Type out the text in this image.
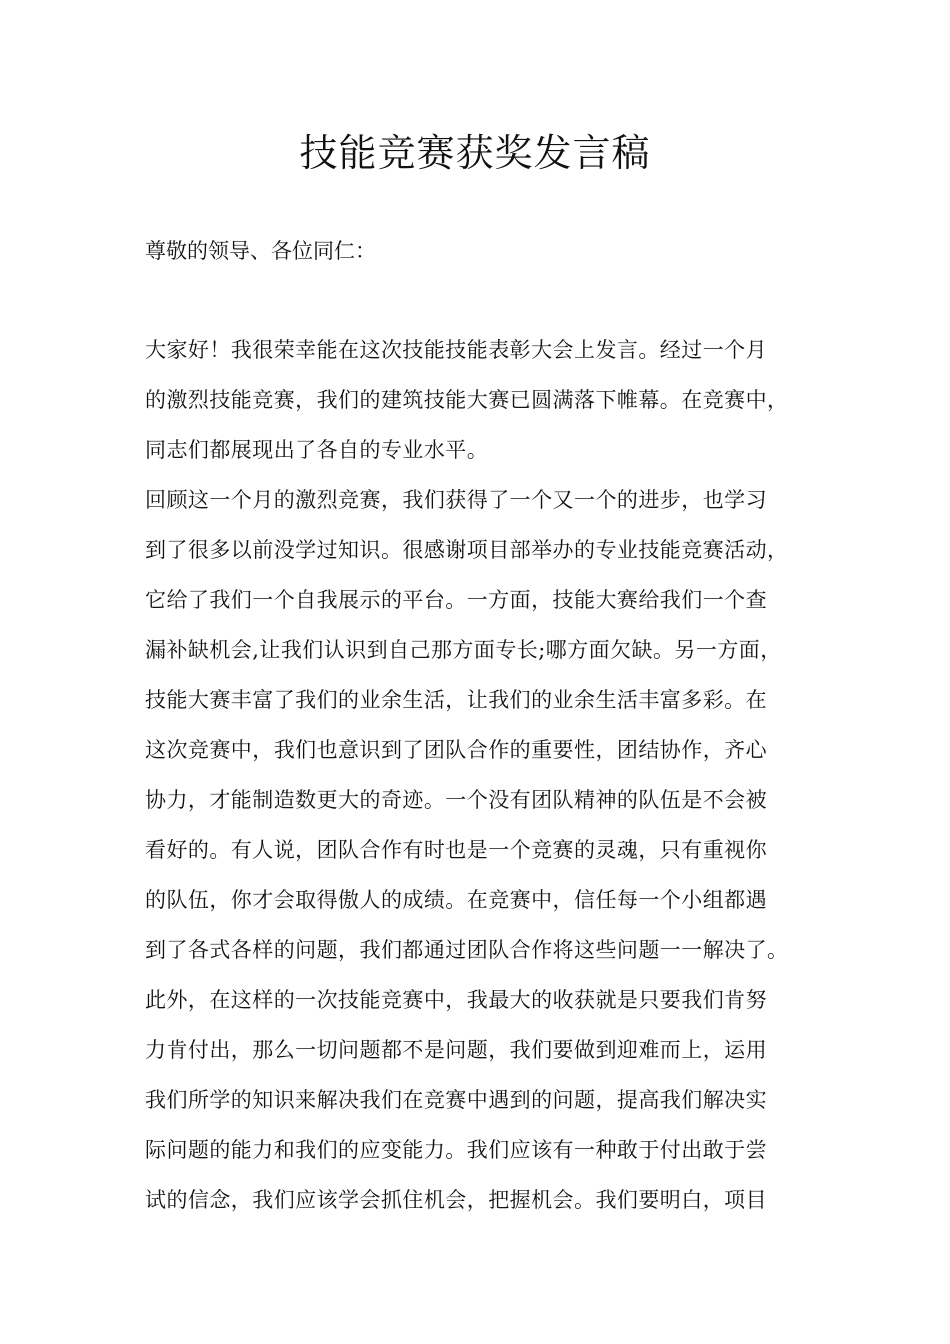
技能竞赛获奖发言稿

尊敬的领导、各位同仁：

大家好！我很荣幸能在这次技能技能表彰大会上发言。经过一个月
的激烈技能竞赛，我们的建筑技能大赛已圆满落下帷幕。在竞赛中，
同志们都展现出了各自的专业水平。
回顾这一个月的激烈竞赛，我们获得了一个又一个的进步，也学习
到了很多以前没学过知识。很感谢项目部举办的专业技能竞赛活动，
它给了我们一个自我展示的平台。一方面，技能大赛给我们一个查
漏补缺机会,让我们认识到自己那方面专长;哪方面欠缺。另一方面，
技能大赛丰富了我们的业余生活，让我们的业余生活丰富多彩。在
这次竞赛中，我们也意识到了团队合作的重要性，团结协作，齐心
协力，才能制造数更大的奇迹。一个没有团队精神的队伍是不会被
看好的。有人说，团队合作有时也是一个竞赛的灵魂，只有重视你
的队伍，你才会取得傲人的成绩。在竞赛中，信任每一个小组都遇
到了各式各样的问题，我们都通过团队合作将这些问题一一解决了。
此外，在这样的一次技能竞赛中，我最大的收获就是只要我们肯努
力肯付出，那么一切问题都不是问题，我们要做到迎难而上，运用
我们所学的知识来解决我们在竞赛中遇到的问题，提高我们解决实
际问题的能力和我们的应变能力。我们应该有一种敢于付出敢于尝
试的信念，我们应该学会抓住机会，把握机会。我们要明白，项目
